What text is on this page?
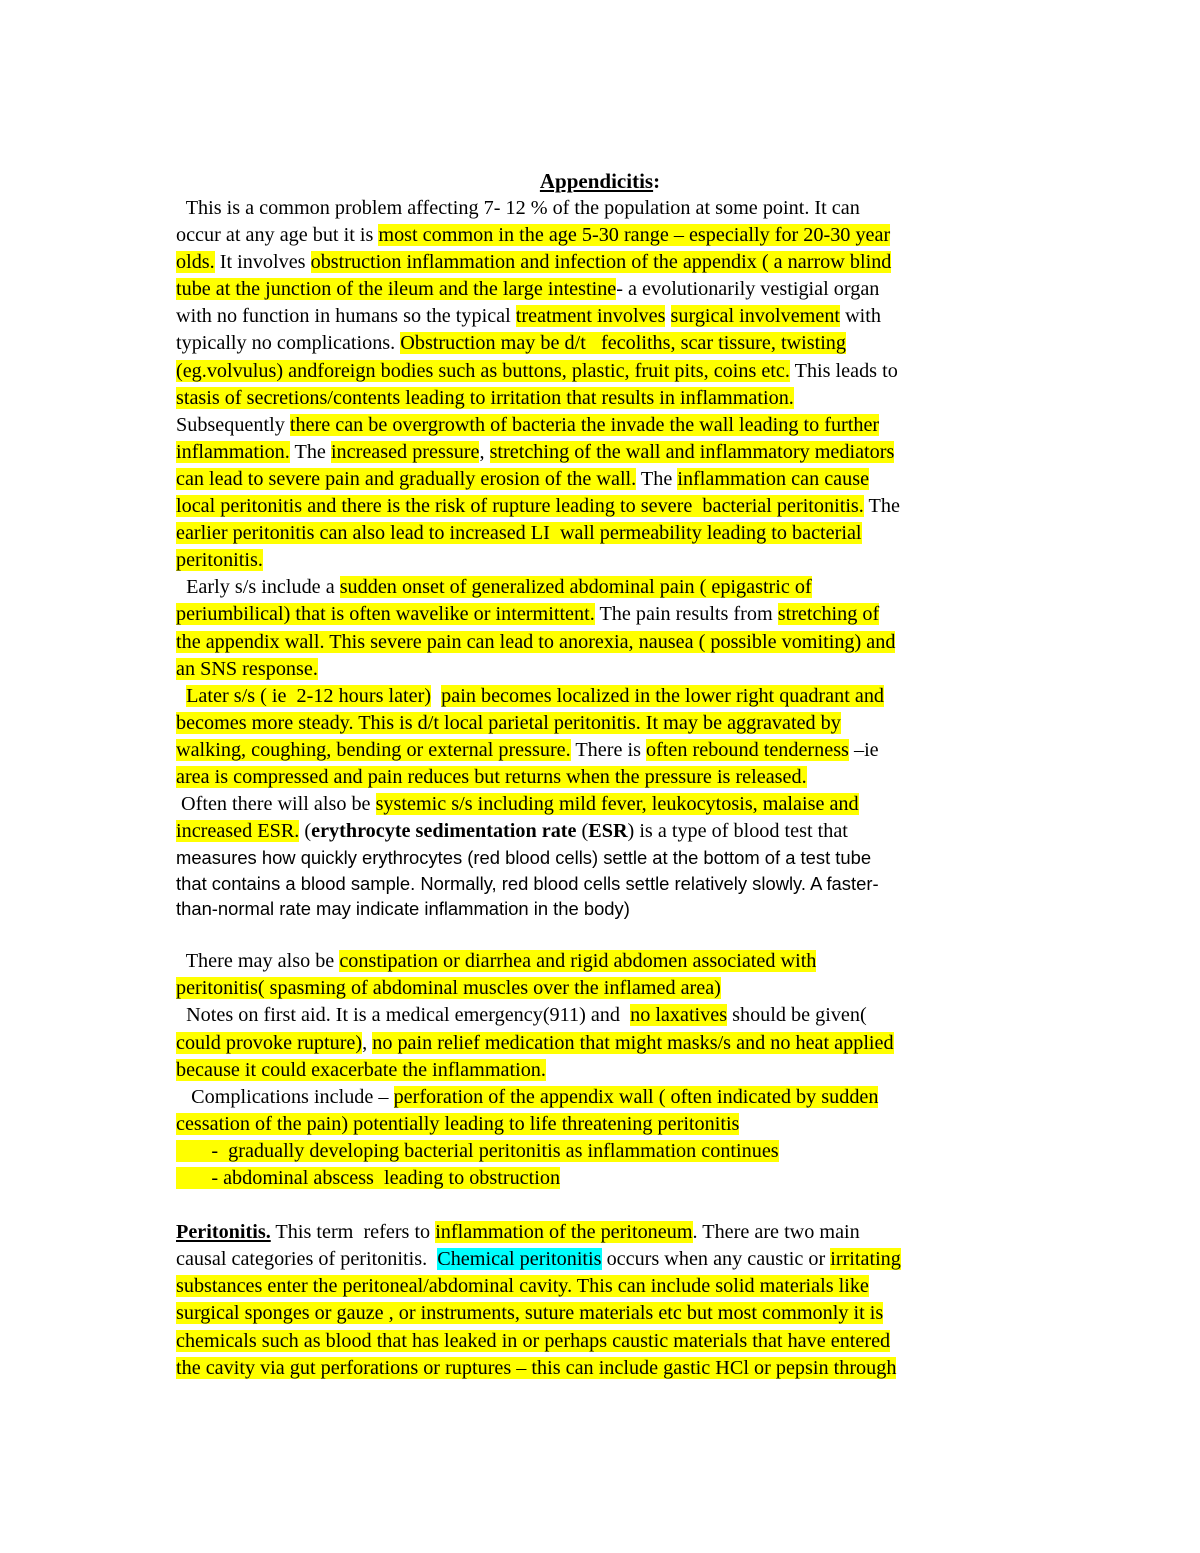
Appendicitis:
This is a common problem affecting 7- 12 % of the population at some point. It can
occur at any age but it is most common in the age 5-30 range – especially for 20-30 year
olds. It involves obstruction inflammation and infection of the appendix ( a narrow blind
tube at the junction of the ileum and the large intestine- a evolutionarily vestigial organ
with no function in humans so the typical treatment involves surgical involvement with
typically no complications. Obstruction may be d/t   fecoliths, scar tissure, twisting
(eg.volvulus) andforeign bodies such as buttons, plastic, fruit pits, coins etc. This leads to
stasis of secretions/contents leading to irritation that results in inflammation.
Subsequently there can be overgrowth of bacteria the invade the wall leading to further
inflammation. The increased pressure, stretching of the wall and inflammatory mediators
can lead to severe pain and gradually erosion of the wall. The inflammation can cause
local peritonitis and there is the risk of rupture leading to severe  bacterial peritonitis. The
earlier peritonitis can also lead to increased LI  wall permeability leading to bacterial
peritonitis.
Early s/s include a sudden onset of generalized abdominal pain ( epigastric of
periumbilical) that is often wavelike or intermittent. The pain results from stretching of
the appendix wall. This severe pain can lead to anorexia, nausea ( possible vomiting) and
an SNS response.
Later s/s ( ie  2-12 hours later) pain becomes localized in the lower right quadrant and
becomes more steady. This is d/t local parietal peritonitis. It may be aggravated by
walking, coughing, bending or external pressure. There is often rebound tenderness –ie
area is compressed and pain reduces but returns when the pressure is released.
Often there will also be systemic s/s including mild fever, leukocytosis, malaise and
increased ESR. (erythrocyte sedimentation rate (ESR) is a type of blood test that
measures how quickly erythrocytes (red blood cells) settle at the bottom of a test tube
that contains a blood sample. Normally, red blood cells settle relatively slowly. A faster-
than-normal rate may indicate inflammation in the body)
There may also be constipation or diarrhea and rigid abdomen associated with
peritonitis( spasming of abdominal muscles over the inflamed area)
Notes on first aid. It is a medical emergency(911) and  no laxatives should be given(
could provoke rupture), no pain relief medication that might masks/s and no heat applied
because it could exacerbate the inflammation.
Complications include – perforation of the appendix wall ( often indicated by sudden
cessation of the pain) potentially leading to life threatening peritonitis
-  gradually developing bacterial peritonitis as inflammation continues
- abdominal abscess  leading to obstruction
Peritonitis. This term  refers to inflammation of the peritoneum. There are two main
causal categories of peritonitis.  Chemical peritonitis occurs when any caustic or irritating
substances enter the peritoneal/abdominal cavity. This can include solid materials like
surgical sponges or gauze , or instruments, suture materials etc but most commonly it is
chemicals such as blood that has leaked in or perhaps caustic materials that have entered
the cavity via gut perforations or ruptures – this can include gastic HCl or pepsin through
